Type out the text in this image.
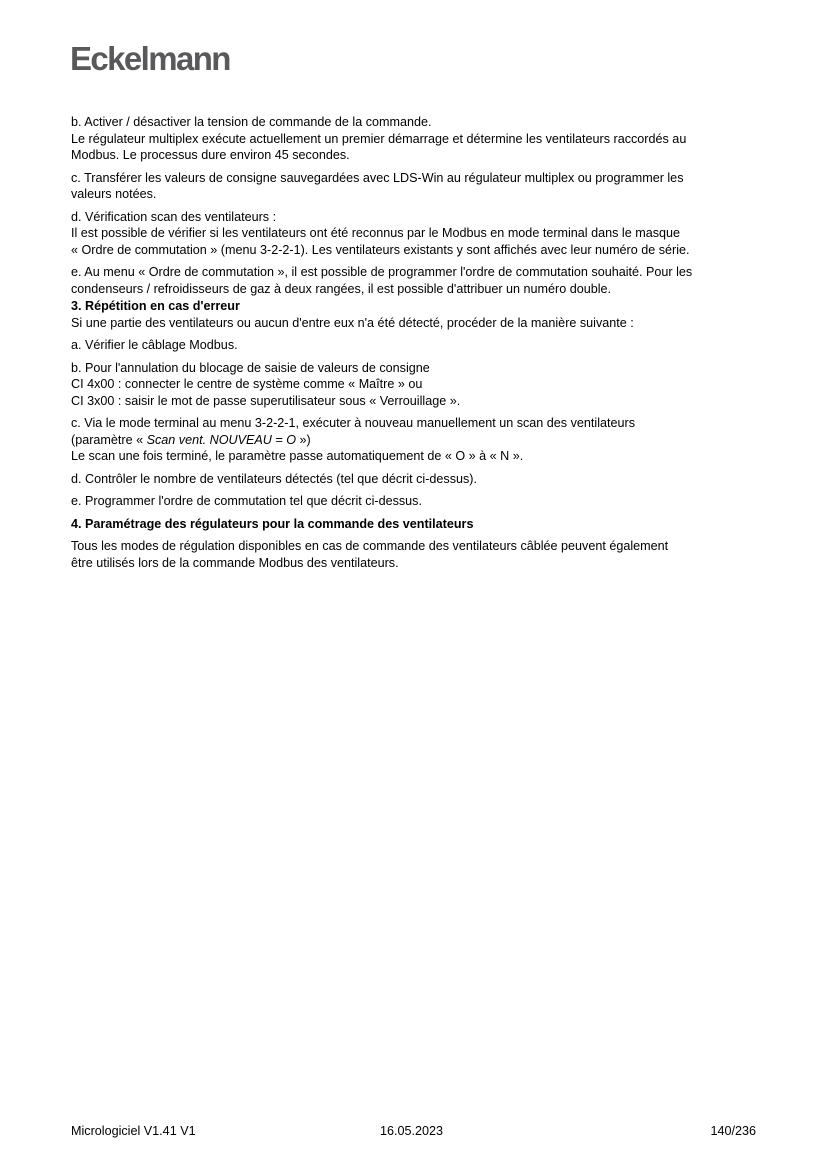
Eckelmann
b. Activer / désactiver la tension de commande de la commande.
Le régulateur multiplex exécute actuellement un premier démarrage et détermine les ventilateurs raccordés au
Modbus. Le processus dure environ 45 secondes.
c. Transférer les valeurs de consigne sauvegardées avec LDS-Win au régulateur multiplex ou programmer les
valeurs notées.
d. Vérification scan des ventilateurs :
Il est possible de vérifier si les ventilateurs ont été reconnus par le Modbus en mode terminal dans le masque
« Ordre de commutation » (menu 3-2-2-1). Les ventilateurs existants y sont affichés avec leur numéro de série.
e. Au menu « Ordre de commutation », il est possible de programmer l'ordre de commutation souhaité. Pour les
condenseurs / refroidisseurs de gaz à deux rangées, il est possible d'attribuer un numéro double.
3. Répétition en cas d'erreur
Si une partie des ventilateurs ou aucun d'entre eux n'a été détecté, procéder de la manière suivante :
a. Vérifier le câblage Modbus.
b. Pour l'annulation du blocage de saisie de valeurs de consigne
CI 4x00 : connecter le centre de système comme « Maître » ou
CI 3x00 : saisir le mot de passe superutilisateur sous « Verrouillage ».
c. Via le mode terminal au menu 3-2-2-1, exécuter à nouveau manuellement un scan des ventilateurs
(paramètre « Scan vent. NOUVEAU = O »)
Le scan une fois terminé, le paramètre passe automatiquement de « O » à « N ».
d. Contrôler le nombre de ventilateurs détectés (tel que décrit ci-dessus).
e. Programmer l'ordre de commutation tel que décrit ci-dessus.
4. Paramétrage des régulateurs pour la commande des ventilateurs
Tous les modes de régulation disponibles en cas de commande des ventilateurs câblée peuvent également
être utilisés lors de la commande Modbus des ventilateurs.
Micrologiciel V1.41 V1	16.05.2023	140/236
